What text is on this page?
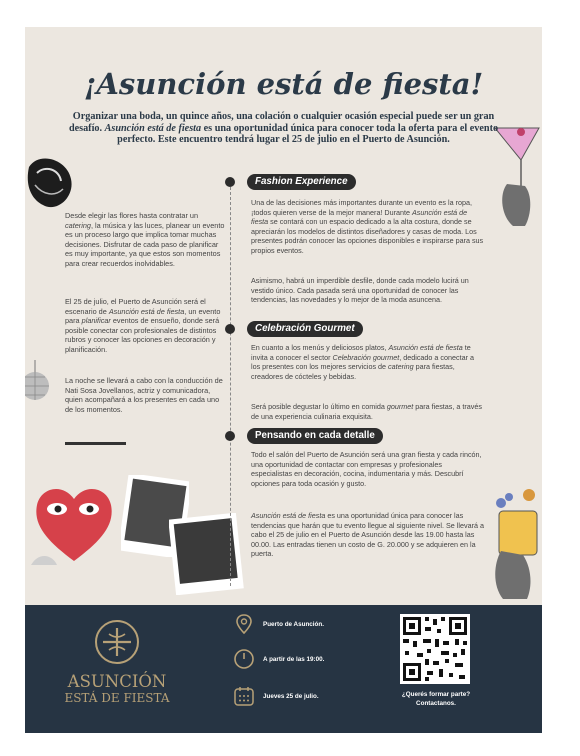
¡Asunción está de fiesta!

Organizar una boda, un quince años, una colación o cualquier ocasión especial puede ser un gran desafío. Asunción está de fiesta es una oportunidad única para conocer toda la oferta para el evento perfecto. Este encuentro tendrá lugar el 25 de julio en el Puerto de Asunción.

Desde elegir las flores hasta contratar un catering, la música y las luces, planear un evento es un proceso largo que implica tomar muchas decisiones. Disfrutar de cada paso de planificar es muy importante, ya que estos son momentos para crear recuerdos inolvidables.

El 25 de julio, el Puerto de Asunción será el escenario de Asunción está de fiesta, un evento para planificar eventos de ensueño, donde será posible conectar con profesionales de distintos rubros y conocer las opciones en decoración y planificación.

La noche se llevará a cabo con la conducción de Nati Sosa Jovellanos, actriz y comunicadora, quien acompañará a los presentes en cada uno de los momentos.

Fashion Experience

Una de las decisiones más importantes durante un evento es la ropa, ¡todos quieren verse de la mejor manera! Durante Asunción está de fiesta se contará con un espacio dedicado a la alta costura, donde se apreciarán los modelos de distintos diseñadores y casas de moda. Los presentes podrán conocer las opciones disponibles e inspirarse para sus propios eventos.

Asimismo, habrá un imperdible desfile, donde cada modelo lucirá un vestido único. Cada pasada será una oportunidad de conocer las tendencias, las novedades y lo mejor de la moda asuncena.

Celebración Gourmet

En cuanto a los menús y deliciosos platos, Asunción está de fiesta te invita a conocer el sector Celebración gourmet, dedicado a conectar a los presentes con los mejores servicios de catering para fiestas, creadores de cócteles y bebidas.

Será posible degustar lo último en comida gourmet para fiestas, a través de una experiencia culinaria exquisita.

Pensando en cada detalle

Todo el salón del Puerto de Asunción será una gran fiesta y cada rincón, una oportunidad de contactar con empresas y profesionales especialistas en decoración, cocina, indumentaria y más. Descubrí opciones para toda ocasión y gusto.

Asunción está de fiesta es una oportunidad única para conocer las tendencias que harán que tu evento llegue al siguiente nivel. Se llevará a cabo el 25 de julio en el Puerto de Asunción desde las 19.00 hasta las 00.00. Las entradas tienen un costo de G. 20.000 y se adquieren en la puerta.

ASUNCIÓN

ESTÁ DE FIESTA

Puerto de Asunción.

A partir de las 19:00.

Jueves 25 de julio.	¿Querés formar parte?

Contactanos.
